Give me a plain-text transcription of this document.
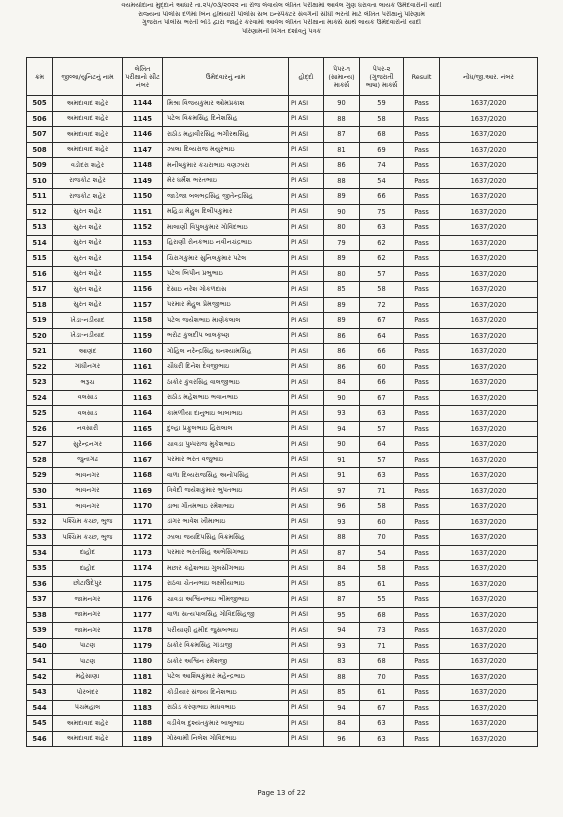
વયમર્યાદાના મુદ્દાને આધારે તા.૨૫/૦૩/૨૦૨૨ ના રોજ લેવાયેલ લેખિત પરીક્ષામાં આવેલ ગુણ ધરાવતા લાયક ઉમેદવારોની યાદી
રાજ્યના પોલીસ દળમાં બિન હથિયારી પોલીસ સબ ઇન્સ્પેક્ટર સંવર્ગની સીધી ભરતી માટે લેખિત પરીક્ષાનું પરિણામ
ગુજરાત પોલીસ ભરતી બોર્ડ દ્વારા જાહેર કરવામાં આવેલ લેખિત પરીક્ષાના માર્ક્સ સાથે લાયક ઉમેદવારોની યાદી
પરિણામની વિગત દર્શાવતું પત્રક
ક્રમ	જીલ્લા/યુનિટનું નામ	લેખિત પરીક્ષાનો સીટ નંબર	ઉમેદવારનું નામ	હોદ્દો	પેપર-૧ (સામાન્ય) માર્ક્સ	પેપર-૨ (ગુજરાતી ભાષા) માર્ક્સ	Result	નોંધ/જી.આર. નંબર
505	અમદાવાદ શહેર	1144	મિશ્રા વિજયકુમાર ઓમપ્રકાશ	PI ASI	90	59	Pass	1637/2020
506	અમદાવાદ શહેર	1145	પટેલ વિક્રમસિંહ દિનેશસિંહ	PI ASI	88	58	Pass	1637/2020
507	અમદાવાદ શહેર	1146	રાઠોડ મહાવીરસિંહ ભગીરથસિંહ	PI ASI	87	68	Pass	1637/2020
508	અમદાવાદ શહેર	1147	ઝાલા દિવ્યરાજ મયુરભાઇ	PI ASI	81	69	Pass	1637/2020
509	વડોદરા શહેર	1148	મનીષકુમાર કચરાભાઇ વણઝારા	PI ASI	86	74	Pass	1637/2020
510	રાજકોટ શહેર	1149	મેર ધર્મેશ ભરતભાઇ	PI ASI	88	54	Pass	1637/2020
511	રાજકોટ શહેર	1150	જાડેજા બલભદ્રસિંહ જીતેન્દ્રસિંહ	PI ASI	89	66	Pass	1637/2020
512	સુરત શહેર	1151	મહિડા મેહુલ દિલીપકુમાર	PI ASI	90	75	Pass	1637/2020
513	સુરત શહેર	1152	માલાણી વિપુલકુમાર ગોવિંદભાઇ	PI ASI	80	63	Pass	1637/2020
514	સુરત શહેર	1153	હિરાણી રોનકભાઇ નવીનચંદ્રભાઇ	PI ASI	79	62	Pass	1637/2020
515	સુરત શહેર	1154	ચિરાગકુમાર સુનિલકુમાર પટેલ	PI ASI	89	62	Pass	1637/2020
516	સુરત શહેર	1155	પટેલ બિપીન પ્રભુભાઇ	PI ASI	80	57	Pass	1637/2020
517	સુરત શહેર	1156	દેસાઇ નરેશ ગોકળદાસ	PI ASI	85	58	Pass	1637/2020
518	સુરત શહેર	1157	પરમાર મેહુલ પ્રેમજીભાઇ	PI ASI	89	72	Pass	1637/2020
519	ખેડા-નડીયાદ	1158	પટેલ જયેશભાઇ માણેકલાલ	PI ASI	89	67	Pass	1637/2020
520	ખેડા-નડીયાદ	1159	ભરોટ કુલદીપ બાલકૃષ્ણ	PI ASI	86	64	Pass	1637/2020
521	આણંદ	1160	ગોહિલ નરેન્દ્રસિંહ ઘનશ્યામસિંહ	PI ASI	86	66	Pass	1637/2020
522	ગાંધીનગર	1161	ચૌધરી દિનેશ દેવજીભાઇ	PI ASI	86	60	Pass	1637/2020
523	ભરૂચ	1162	ઠાકોર કુંવરસિંહ વાલજીભાઇ	PI ASI	84	66	Pass	1637/2020
524	વલસાડ	1163	રાઠોડ મહેશભાઇ ભવાનભાઇ	PI ASI	90	67	Pass	1637/2020
525	વલસાડ	1164	કામળીયા દાનુભાઇ બાબાભાઇ	PI ASI	93	63	Pass	1637/2020
526	નવસારી	1165	દુલ્હા પ્રફુલભાઇ હિરાલાલ	PI ASI	94	57	Pass	1637/2020
527	સુરેન્દ્રનગર	1166	ચાવડા પુષ્પરાજ મુકેશભાઇ	PI ASI	90	64	Pass	1637/2020
528	જુનાગઢ	1167	પરમાર ભરત વજુભાઇ	PI ASI	91	57	Pass	1637/2020
529	ભાવનગર	1168	વાળા દિવ્યરાજસિંહ અનોપસિંહ	PI ASI	91	63	Pass	1637/2020
530	ભાવનગર	1169	ત્રિવેદી જયેશકુમાર ભુપતભાઇ	PI ASI	97	71	Pass	1637/2020
531	ભાવનગર	1170	ડાભા ગૌતમભાઇ રમેશભાઇ	PI ASI	96	58	Pass	1637/2020
532	પશ્ચિમ કચ્છ, ભુજ	1171	ડાંગર ભાવેશ ખીમાભાઇ	PI ASI	93	60	Pass	1637/2020
533	પશ્ચિમ કચ્છ, ભુજ	1172	ઝાલા જયદિપસિંહ વિક્રમસિંહ	PI ASI	88	70	Pass	1637/2020
534	દાહોદ	1173	પરમાર ભરતસિંહ અભેસિંગભાઇ	PI ASI	87	54	Pass	1637/2020
535	દાહોદ	1174	મછાર કહેશભાઇ ગુલસીંગભાઇ	PI ASI	84	58	Pass	1637/2020
536	છોટાઉદેપુર	1175	રાઠવા ચેતનભાઇ લક્ષ્મીયાભાઇ	PI ASI	85	61	Pass	1637/2020
537	જામનગર	1176	ચાવડા અશ્વિનભાઇ ભીમજીભાઇ	PI ASI	87	55	Pass	1637/2020
538	જામનગર	1177	વાળા સત્યપાલસિંહ ગોવિંદસિંહજી	PI ASI	95	68	Pass	1637/2020
539	જામનગર	1178	પરીયાણી હમીદ જુસબભાઇ	PI ASI	94	73	Pass	1637/2020
540	પાટણ	1179	ઠાકોર વિક્રમસિંહ ગાંડાજી	PI ASI	93	71	Pass	1637/2020
541	પાટણ	1180	ઠાકોર અશ્વિન રમેશજી	PI ASI	83	68	Pass	1637/2020
542	મહેસાણા	1181	પટેલ આશિષકુમાર મહેન્દ્રભાઇ	PI ASI	88	70	Pass	1637/2020
543	પોરબંદર	1182	કોડીયાર સંજય દિનેશભાઇ	PI ASI	85	61	Pass	1637/2020
544	પંચમહાલ	1183	રાઠોડ કરણભાઇ માધવભાઇ	PI ASI	94	67	Pass	1637/2020
545	અમદાવાદ શહેર	1188	વડીવેલ દુશ્યંતકુમાર બાબુભાઇ	PI ASI	84	63	Pass	1637/2020
546	અમદાવાદ શહેર	1189	ગોસ્વામી નિલેશ ગોવિંદભાઇ	PI ASI	96	63	Pass	1637/2020
Page 13 of 22
